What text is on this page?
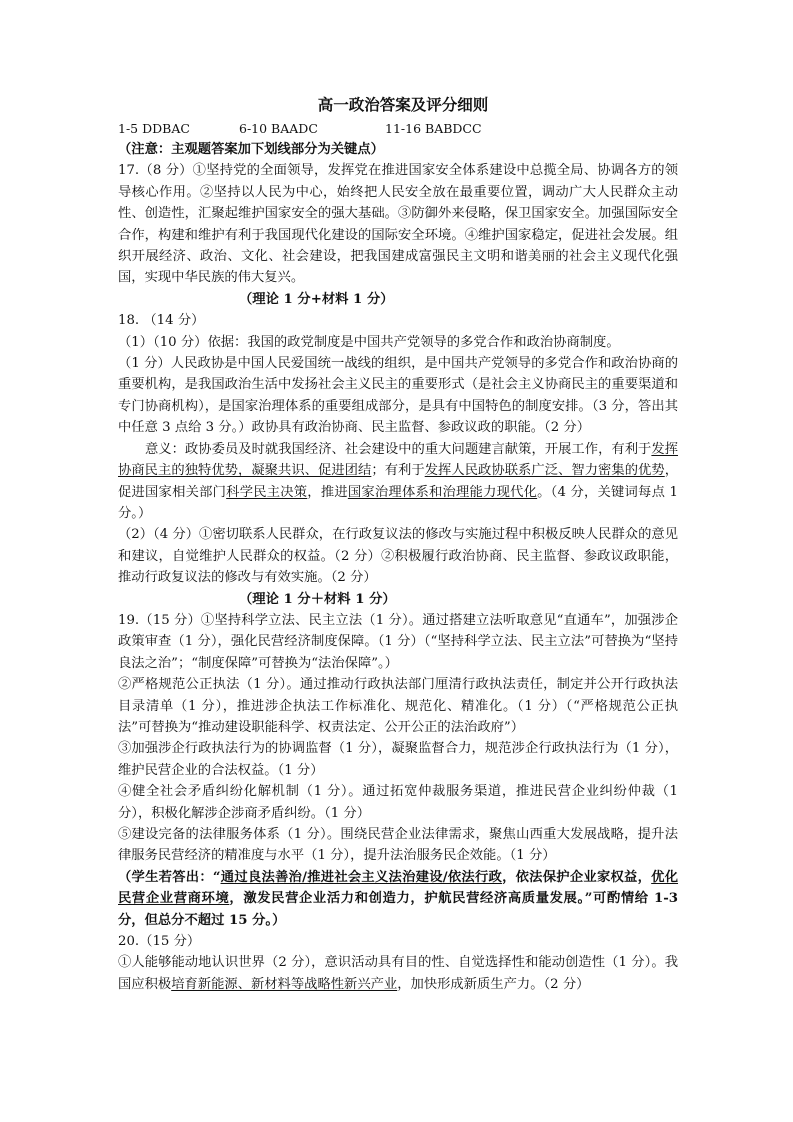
高一政治答案及评分细则
1-5 DDBAC	6-10 BAADC	11-16 BABDCC
（注意：主观题答案加下划线部分为关键点）
17.（8 分）①坚持党的全面领导，发挥党在推进国家安全体系建设中总揽全局、协调各方的领导核心作用。②坚持以人民为中心，始终把人民安全放在最重要位置，调动广大人民群众主动性、创造性，汇聚起维护国家安全的强大基础。③防御外来侵略，保卫国家安全。加强国际安全合作，构建和维护有利于我国现代化建设的国际安全环境。④维护国家稳定，促进社会发展。组织开展经济、政治、文化、社会建设，把我国建成富强民主文明和谐美丽的社会主义现代化强国，实现中华民族的伟大复兴。
（理论 1 分+材料 1 分）
18. （14 分）
（1）（10 分）依据：我国的政党制度是中国共产党领导的多党合作和政治协商制度。
（1 分）人民政协是中国人民爱国统一战线的组织，是中国共产党领导的多党合作和政治协商的重要机构，是我国政治生活中发扬社会主义民主的重要形式（是社会主义协商民主的重要渠道和专门协商机构），是国家治理体系的重要组成部分，是具有中国特色的制度安排。（3 分，答出其中任意 3 点给 3 分。）政协具有政治协商、民主监督、参政议政的职能。（2 分）
意义：政协委员及时就我国经济、社会建设中的重大问题建言献策，开展工作，有利于发挥协商民主的独特优势，凝聚共识、促进团结；有利于发挥人民政协联系广泛、智力密集的优势，促进国家相关部门科学民主决策，推进国家治理体系和治理能力现代化。（4 分，关键词每点 1 分。）
（2）（4 分）①密切联系人民群众，在行政复议法的修改与实施过程中积极反映人民群众的意见和建议，自觉维护人民群众的权益。（2 分）②积极履行政治协商、民主监督、参政议政职能，推动行政复议法的修改与有效实施。（2 分）
（理论 1 分＋材料 1 分）
19.（15 分）①坚持科学立法、民主立法（1 分）。通过搭建立法听取意见“直通车”，加强涉企政策审查（1 分），强化民营经济制度保障。（1 分）（“坚持科学立法、民主立法”可替换为“坚持良法之治”；“制度保障”可替换为“法治保障”。）
②严格规范公正执法（1 分）。通过推动行政执法部门厘清行政执法责任，制定并公开行政执法目录清单（1 分），推进涉企执法工作标准化、规范化、精准化。（1 分）（“严格规范公正执法”可替换为“推动建设职能科学、权责法定、公开公正的法治政府”）
③加强涉企行政执法行为的协调监督（1 分），凝聚监督合力，规范涉企行政执法行为（1 分），维护民营企业的合法权益。（1 分）
④健全社会矛盾纠纷化解机制（1 分）。通过拓宽仲裁服务渠道，推进民营企业纠纷仲裁（1 分），积极化解涉企涉商矛盾纠纷。（1 分）
⑤建设完备的法律服务体系（1 分）。围绕民营企业法律需求，聚焦山西重大发展战略，提升法律服务民营经济的精准度与水平（1 分），提升法治服务民企效能。（1 分）
（学生若答出：“通过良法善治/推进社会主义法治建设/依法行政，依法保护企业家权益，优化民营企业营商环境，激发民营企业活力和创造力，护航民营经济高质量发展。”可酌情给 1-3 分，但总分不超过 15 分。）
20.（15 分）
①人能够能动地认识世界（2 分），意识活动具有目的性、自觉选择性和能动创造性（1 分）。我国应积极培育新能源、新材料等战略性新兴产业，加快形成新质生产力。（2 分）
